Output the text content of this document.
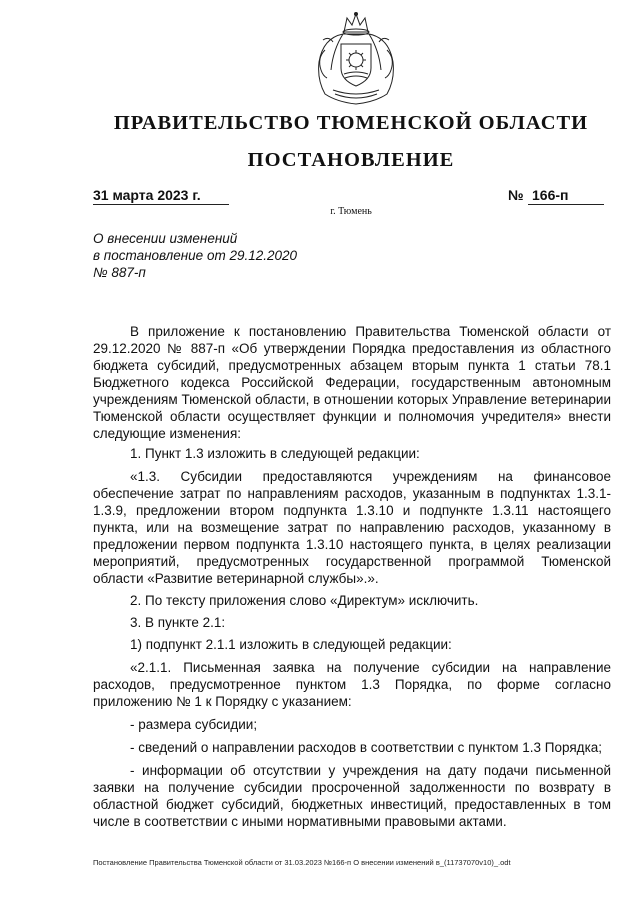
ПРАВИТЕЛЬСТВО ТЮМЕНСКОЙ ОБЛАСТИ
ПОСТАНОВЛЕНИЕ
31 марта 2023 г.	№ 166-п
г. Тюмень
О внесении изменений
в постановление от 29.12.2020
№ 887-п

В приложение к постановлению Правительства Тюменской области от 29.12.2020 № 887-п «Об утверждении Порядка предоставления из областного бюджета субсидий, предусмотренных абзацем вторым пункта 1 статьи 78.1 Бюджетного кодекса Российской Федерации, государственным автономным учреждениям Тюменской области, в отношении которых Управление ветеринарии Тюменской области осуществляет функции и полномочия учредителя» внести следующие изменения:

1. Пункт 1.3 изложить в следующей редакции:

«1.3. Субсидии предоставляются учреждениям на финансовое обеспечение затрат по направлениям расходов, указанным в подпунктах 1.3.1-1.3.9, предложении втором подпункта 1.3.10 и подпункте 1.3.11 настоящего пункта, или на возмещение затрат по направлению расходов, указанному в предложении первом подпункта 1.3.10 настоящего пункта, в целях реализации мероприятий, предусмотренных государственной программой Тюменской области «Развитие ветеринарной службы».».

2. По тексту приложения слово «Директум» исключить.

3. В пункте 2.1:

1) подпункт 2.1.1 изложить в следующей редакции:

«2.1.1. Письменная заявка на получение субсидии на направление расходов, предусмотренное пунктом 1.3 Порядка, по форме согласно приложению № 1 к Порядку с указанием:

- размера субсидии;

- сведений о направлении расходов в соответствии с пунктом 1.3 Порядка;

- информации об отсутствии у учреждения на дату подачи письменной заявки на получение субсидии просроченной задолженности по возврату в областной бюджет субсидий, бюджетных инвестиций, предоставленных в том числе в соответствии с иными нормативными правовыми актами.

Постановление Правительства Тюменской области от 31.03.2023 №166-п О внесении изменений в_(11737070v10)_.odt
